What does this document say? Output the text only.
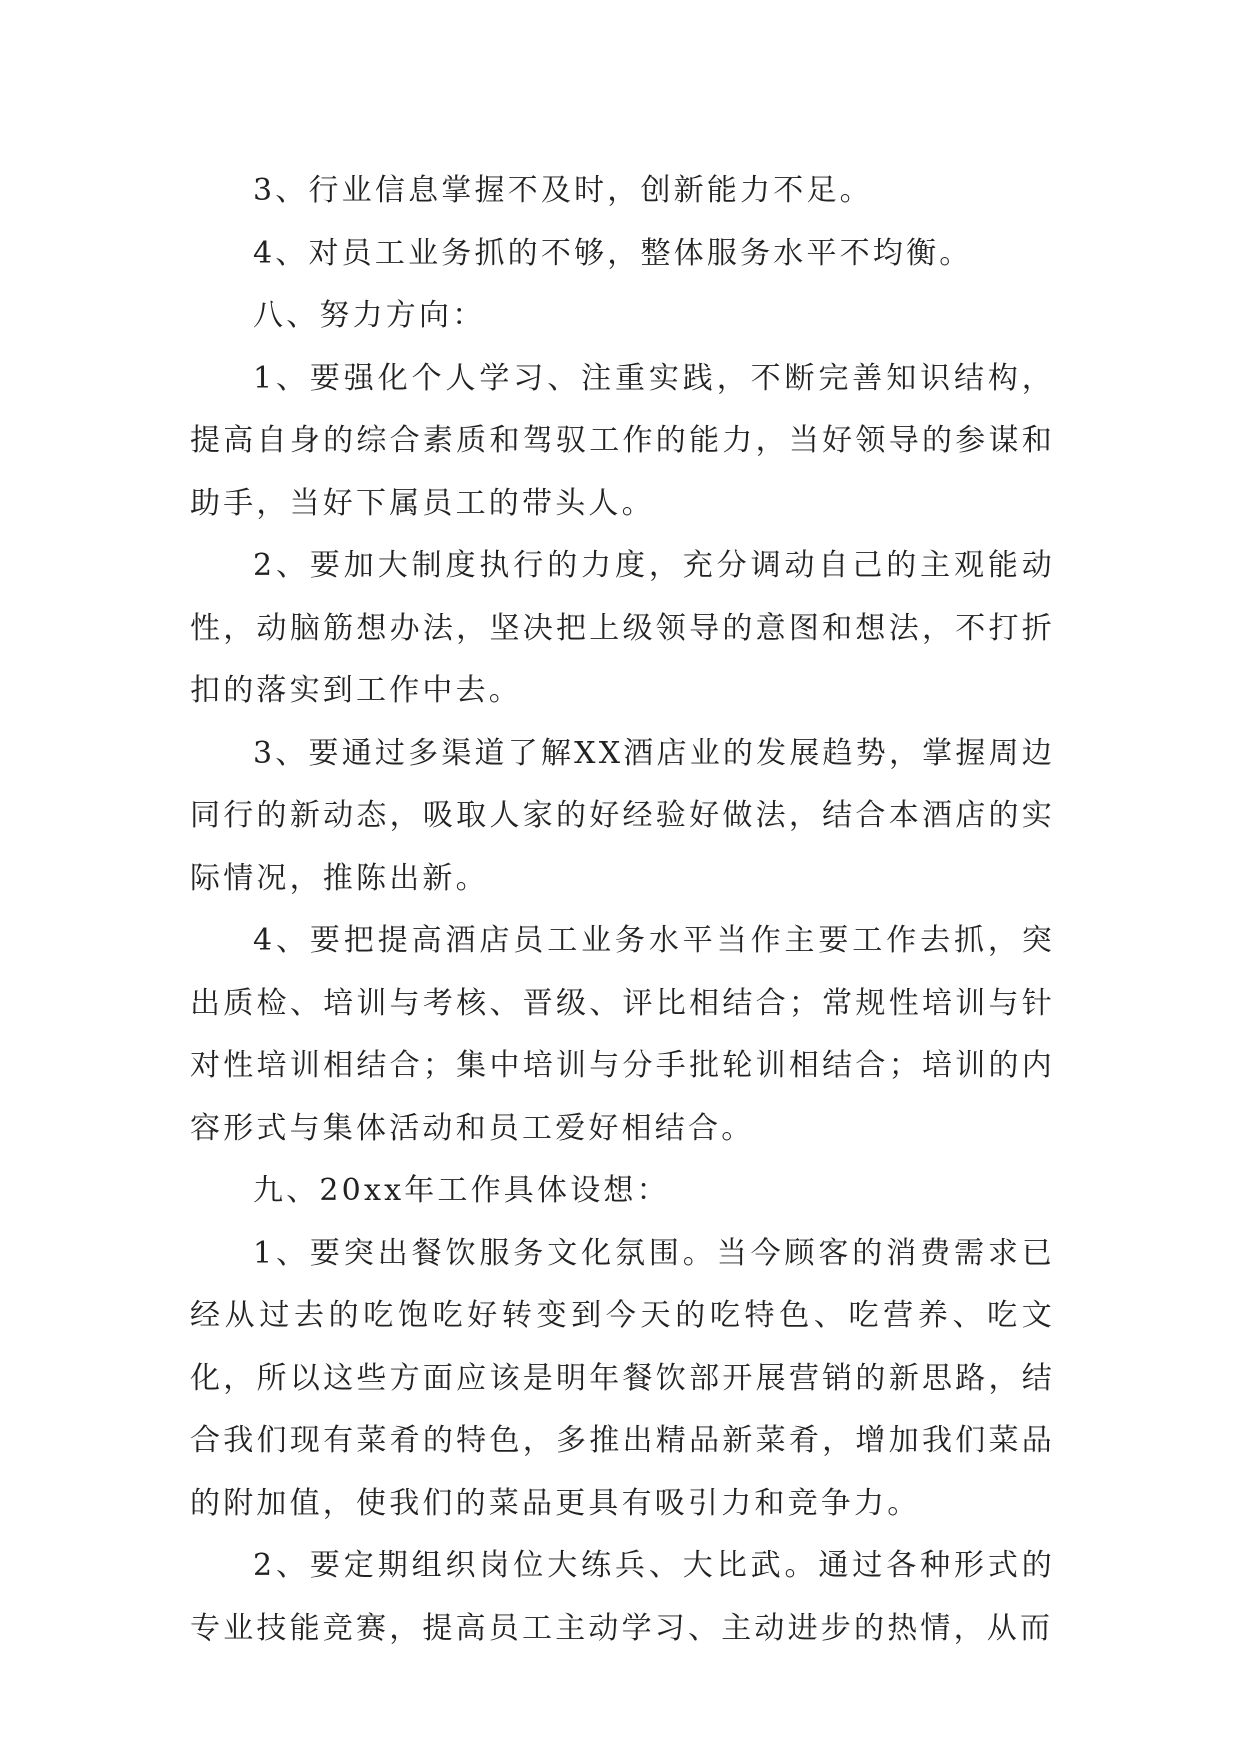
3、行业信息掌握不及时，创新能力不足。

4、对员工业务抓的不够，整体服务水平不均衡。

八、努力方向：

1、要强化个人学习、注重实践，不断完善知识结构，提高自身的综合素质和驾驭工作的能力，当好领导的参谋和助手，当好下属员工的带头人。

2、要加大制度执行的力度，充分调动自己的主观能动性，动脑筋想办法，坚决把上级领导的意图和想法，不打折扣的落实到工作中去。

3、要通过多渠道了解XX酒店业的发展趋势，掌握周边同行的新动态，吸取人家的好经验好做法，结合本酒店的实际情况，推陈出新。

4、要把提高酒店员工业务水平当作主要工作去抓，突出质检、培训与考核、晋级、评比相结合；常规性培训与针对性培训相结合；集中培训与分手批轮训相结合；培训的内容形式与集体活动和员工爱好相结合。

九、20xx年工作具体设想：

1、要突出餐饮服务文化氛围。当今顾客的消费需求已经从过去的吃饱吃好转变到今天的吃特色、吃营养、吃文化，所以这些方面应该是明年餐饮部开展营销的新思路，结合我们现有菜肴的特色，多推出精品新菜肴，增加我们菜品的附加值，使我们的菜品更具有吸引力和竞争力。

2、要定期组织岗位大练兵、大比武。通过各种形式的专业技能竞赛，提高员工主动学习、主动进步的热情，从而
